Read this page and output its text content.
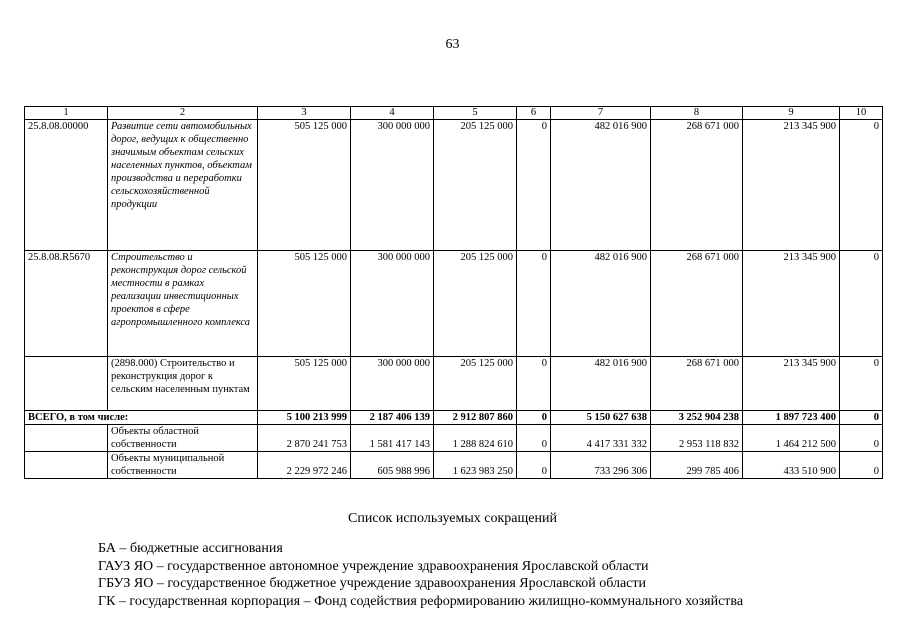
63
1	2	3	4	5	6	7	8	9	10
25.8.08.00000	Развитие сети автомобильных дорог, ведущих к общественно значимым объектам сельских населенных пунктов, объектам производства и переработки сельскохозяйственной продукции	505 125 000	300 000 000	205 125 000	0	482 016 900	268 671 000	213 345 900	0
25.8.08.R5670	Строительство и реконструкция дорог сельской местности в рамках реализации инвестиционных проектов в сфере агропромышленного комплекса	505 125 000	300 000 000	205 125 000	0	482 016 900	268 671 000	213 345 900	0
	(2898.000) Строительство и реконструкция дорог к сельским населенным пунктам	505 125 000	300 000 000	205 125 000	0	482 016 900	268 671 000	213 345 900	0
ВСЕГО, в том числе:		5 100 213 999	2 187 406 139	2 912 807 860	0	5 150 627 638	3 252 904 238	1 897 723 400	0
	Объекты областной собственности	2 870 241 753	1 581 417 143	1 288 824 610	0	4 417 331 332	2 953 118 832	1 464 212 500	0
	Объекты муниципальной собственности	2 229 972 246	605 988 996	1 623 983 250	0	733 296 306	299 785 406	433 510 900	0
Список используемых сокращений
БА – бюджетные ассигнования
ГАУЗ ЯО – государственное автономное учреждение здравоохранения Ярославской области
ГБУЗ ЯО – государственное бюджетное учреждение здравоохранения Ярославской области
ГК – государственная корпорация – Фонд содействия реформированию жилищно-коммунального хозяйства
